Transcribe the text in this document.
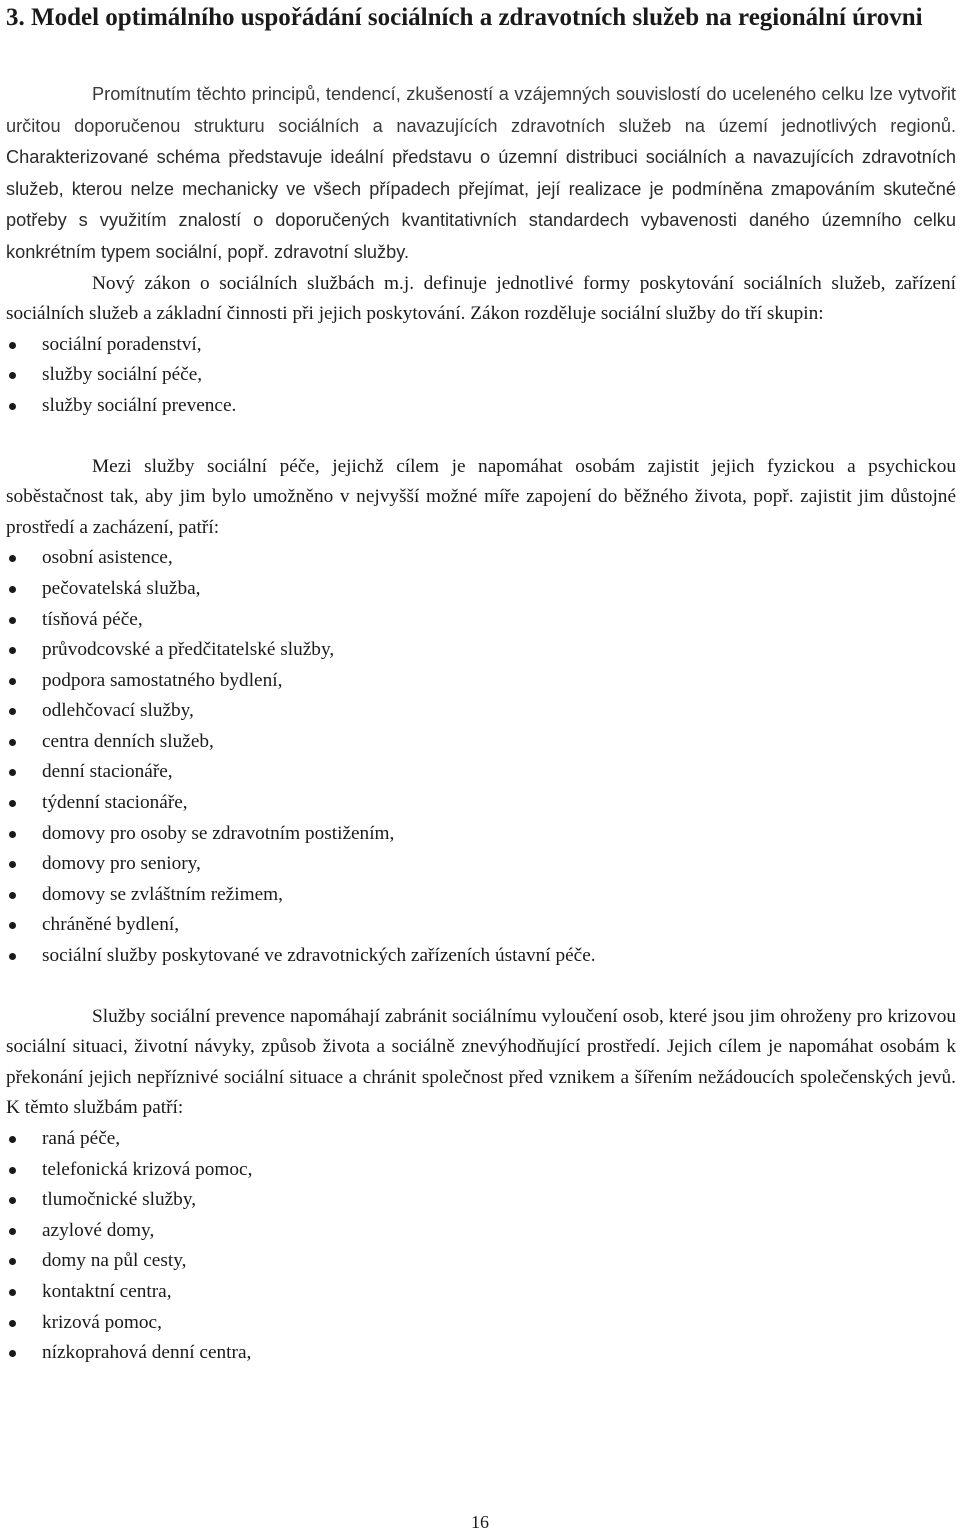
3. Model optimálního uspořádání sociálních a zdravotních služeb na regionální úrovni

Promítnutím těchto principů, tendencí, zkušeností a vzájemných souvislostí do uceleného celku lze vytvořit určitou doporučenou strukturu sociálních a navazujících zdravotních služeb na území jednotlivých regionů. Charakterizované schéma představuje ideální představu o územní distribuci sociálních a navazujících zdravotních služeb, kterou nelze mechanicky ve všech případech přejímat, její realizace je podmíněna zmapováním skutečné potřeby s využitím znalostí o doporučených kvantitativních standardech vybavenosti daného územního celku konkrétním typem sociální, popř. zdravotní služby.

Nový zákon o sociálních službách m.j. definuje jednotlivé formy poskytování sociálních služeb, zařízení sociálních služeb a základní činnosti při jejich poskytování. Zákon rozděluje sociální služby do tří skupin:

sociální poradenství,
služby sociální péče,
služby sociální prevence.

Mezi služby sociální péče, jejichž cílem je napomáhat osobám zajistit jejich fyzickou a psychickou soběstačnost tak, aby jim bylo umožněno v nejvyšší možné míře zapojení do běžného života, popř. zajistit jim důstojné prostředí a zacházení, patří:

osobní asistence,
pečovatelská služba,
tísňová péče,
průvodcovské a předčitatelské služby,
podpora samostatného bydlení,
odlehčovací služby,
centra denních služeb,
denní stacionáře,
týdenní stacionáře,
domovy pro osoby se zdravotním postižením,
domovy pro seniory,
domovy se zvláštním režimem,
chráněné bydlení,
sociální služby poskytované ve zdravotnických zařízeních ústavní péče.

Služby sociální prevence napomáhají zabránit sociálnímu vyloučení osob, které jsou jim ohroženy pro krizovou sociální situaci, životní návyky, způsob života a sociálně znevýhodňující prostředí. Jejich cílem je napomáhat osobám k překonání jejich nepříznivé sociální situace a chránit společnost před vznikem a šířením nežádoucích společenských jevů. K těmto službám patří:

raná péče,
telefonická krizová pomoc,
tlumočnické služby,
azylové domy,
domy na půl cesty,
kontaktní centra,
krizová pomoc,
nízkoprahová denní centra,
16
